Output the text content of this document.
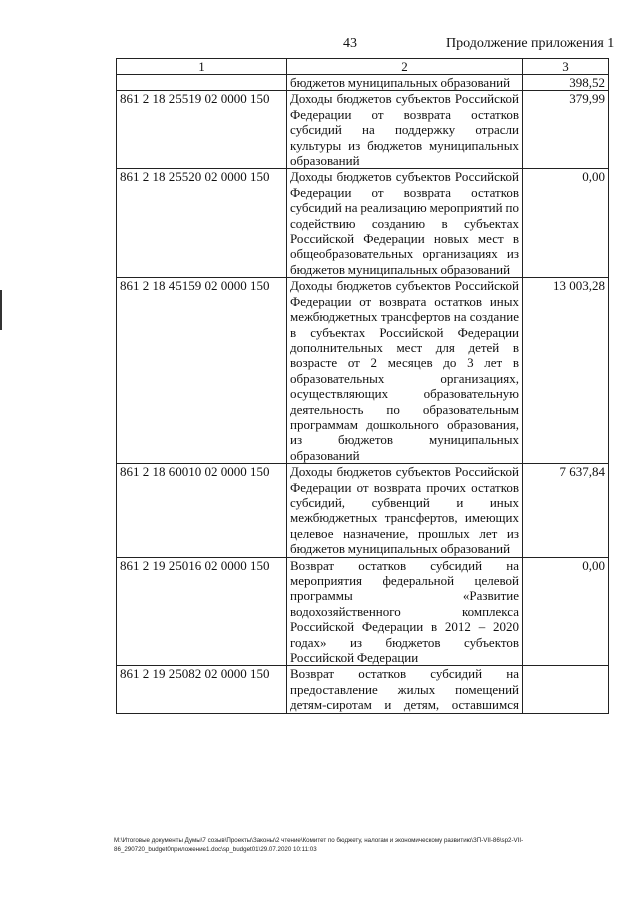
43	Продолжение приложения 1
1	2	3
	бюджетов муниципальных образований	398,52
861 2 18 25519 02 0000 150	Доходы бюджетов субъектов Российской Федерации от возврата остатков субсидий на поддержку отрасли культуры из бюджетов муниципальных образований	379,99
861 2 18 25520 02 0000 150	Доходы бюджетов субъектов Российской Федерации от возврата остатков субсидий на реализацию мероприятий по содействию созданию в субъектах Российской Федерации новых мест в общеобразовательных организациях из бюджетов муниципальных образований	0,00
861 2 18 45159 02 0000 150	Доходы бюджетов субъектов Российской Федерации от возврата остатков иных межбюджетных трансфертов на создание в субъектах Российской Федерации дополнительных мест для детей в возрасте от 2 месяцев до 3 лет в образовательных организациях, осуществляющих образовательную деятельность по образовательным программам дошкольного образования, из бюджетов муниципальных образований	13 003,28
861 2 18 60010 02 0000 150	Доходы бюджетов субъектов Российской Федерации от возврата прочих остатков субсидий, субвенций и иных межбюджетных трансфертов, имеющих целевое назначение, прошлых лет из бюджетов муниципальных образований	7 637,84
861 2 19 25016 02 0000 150	Возврат остатков субсидий на мероприятия федеральной целевой программы «Развитие водохозяйственного комплекса Российской Федерации в 2012 – 2020 годах» из бюджетов субъектов Российской Федерации	0,00
861 2 19 25082 02 0000 150	Возврат остатков субсидий на предоставление жилых помещений детям-сиротам и детям, оставшимся	
M:\Итоговые документы Думы\7 созыв\Проекты\Законы\2 чтение\Комитет по бюджету, налогам и экономическому развитию\ЗП-VII-86\sp2-VII-86_290720_budget0приложение1.doc\sp_budget01\29.07.2020 10:11:03
